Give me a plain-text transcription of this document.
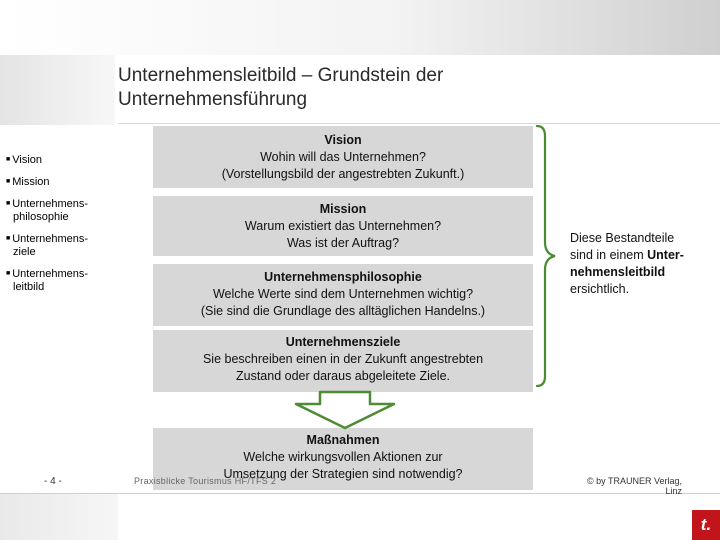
Unternehmensleitbild – Grundstein der
Unternehmensführung
■ Vision
■ Mission
■ Unternehmens-
philosophie
■ Unternehmens-
ziele
■ Unternehmens-
leitbild
Vision
Wohin will das Unternehmen?
(Vorstellungsbild der angestrebten Zukunft.)
Mission
Warum existiert das Unternehmen?
Was ist der Auftrag?
Unternehmensphilosophie
Welche Werte sind dem Unternehmen wichtig?
(Sie sind die Grundlage des alltäglichen Handelns.)
Unternehmensziele
Sie beschreiben einen in der Zukunft angestrebten
Zustand oder daraus abgeleitete Ziele.
Maßnahmen
Welche wirkungsvollen Aktionen zur
Umsetzung der Strategien sind notwendig?
Diese Bestandteile
sind in einem Unter-
nehmensleitbild
ersichtlich.
- 4 -	Praxisblicke Tourismus HF/TFS 2	© by TRAUNER Verlag, Linz
t.
